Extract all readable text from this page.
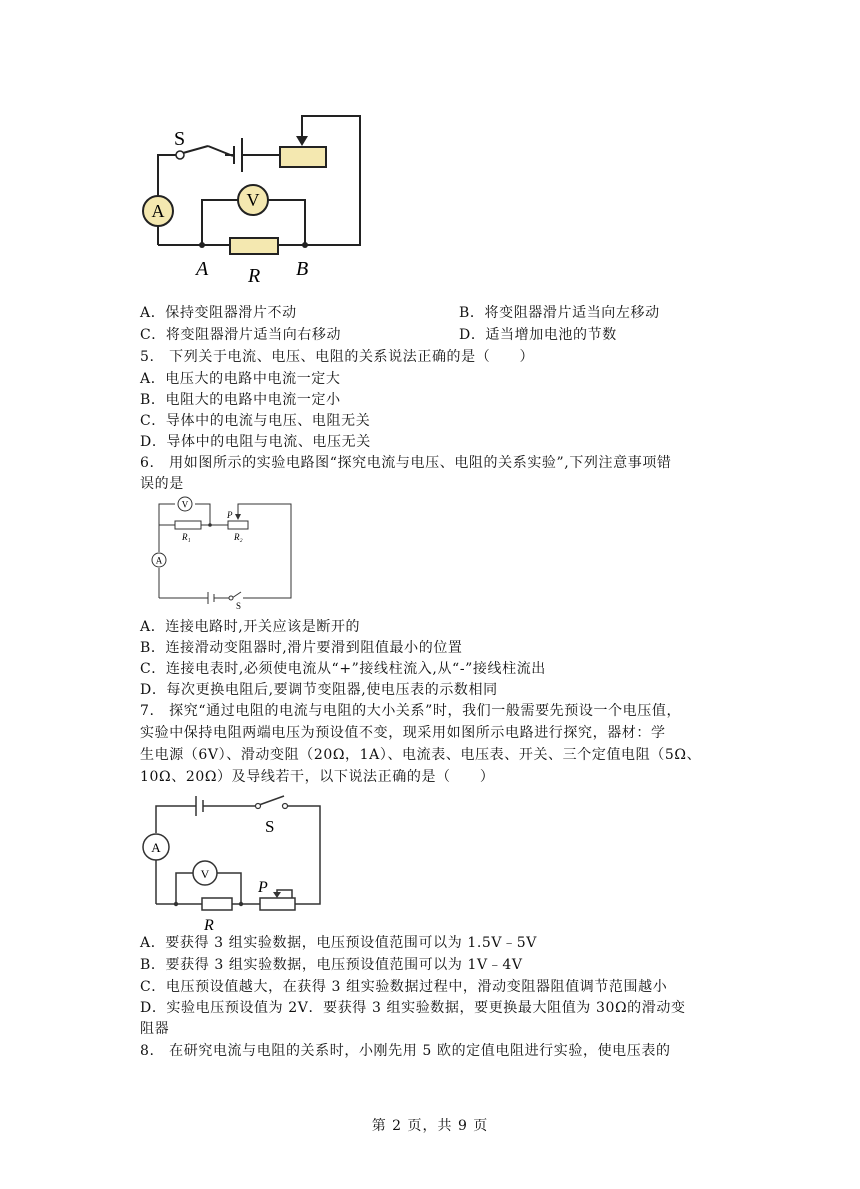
S
A
V
A R B
A．保持变阻器滑片不动	B．将变阻器滑片适当向左移动
C．将变阻器滑片适当向右移动	D．适当增加电池的节数
5.　下列关于电流、电压、电阻的关系说法正确的是（　　）
A．电压大的电路中电流一定大
B．电阻大的电路中电流一定小
C．导体中的电流与电压、电阻无关
D．导体中的电阻与电流、电压无关
6.　用如图所示的实验电路图“探究电流与电压、电阻的关系实验”,下列注意事项错
误的是
V
A
R₁	R₂
P
S
A．连接电路时,开关应该是断开的
B．连接滑动变阻器时,滑片要滑到阻值最小的位置
C．连接电表时,必须使电流从“+”接线柱流入,从“-”接线柱流出
D．每次更换电阻后,要调节变阻器,使电压表的示数相同
7.　探究“通过电阻的电流与电阻的大小关系”时，我们一般需要先预设一个电压值，
实验中保持电阻两端电压为预设值不变，现采用如图所示电路进行探究，器材：学
生电源（6V）、滑动变阻（20Ω，1A）、电流表、电压表、开关、三个定值电阻（5Ω、
10Ω、20Ω）及导线若干，以下说法正确的是（　　）
S
A
V
P
R
A．要获得 3 组实验数据，电压预设值范围可以为 1.5V﹣5V
B．要获得 3 组实验数据，电压预设值范围可以为 1V﹣4V
C．电压预设值越大，在获得 3 组实验数据过程中，滑动变阻器阻值调节范围越小
D．实验电压预设值为 2V．要获得 3 组实验数据，要更换最大阻值为 30Ω的滑动变
阻器
8.　在研究电流与电阻的关系时，小刚先用 5 欧的定值电阻进行实验，使电压表的
第 2 页，共 9 页
